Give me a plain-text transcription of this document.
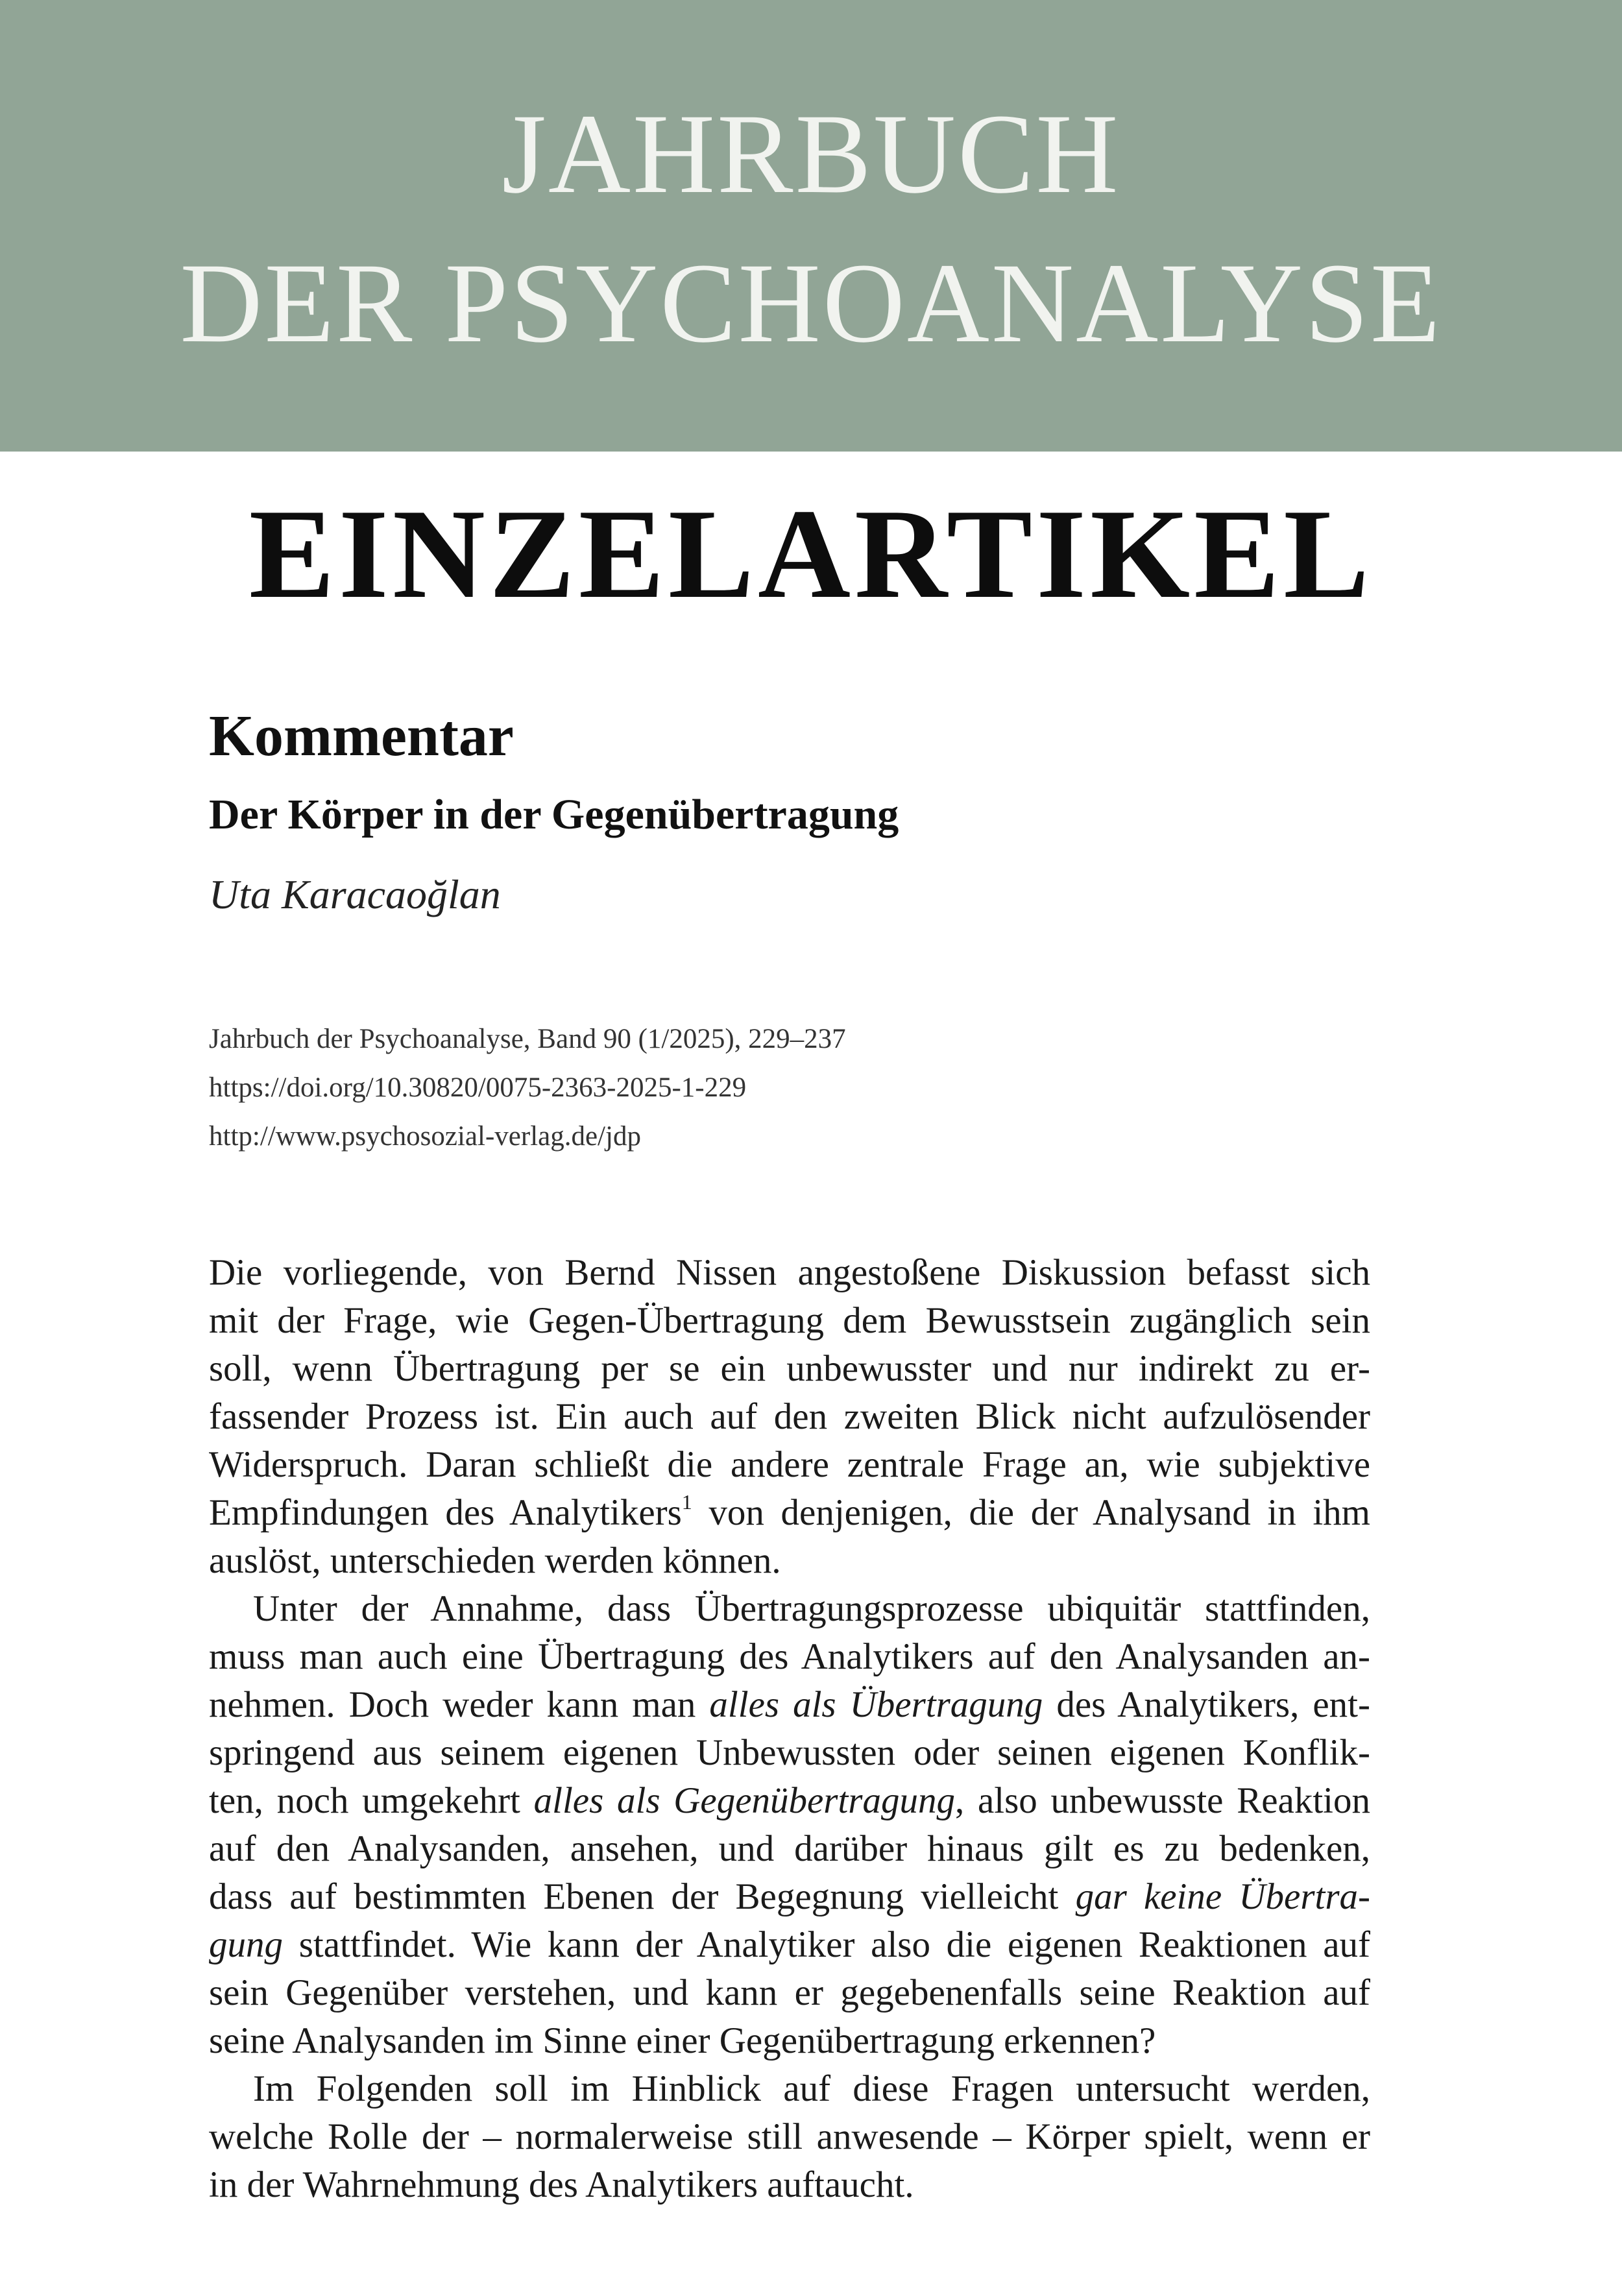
JAHRBUCH
DER PSYCHOANALYSE
EINZELARTIKEL
Kommentar
Der Körper in der Gegenübertragung
Uta Karacaoğlan
Jahrbuch der Psychoanalyse, Band 90 (1/2025), 229–237
https://doi.org/10.30820/0075-2363-2025-1-229
http://www.psychosozial-verlag.de/jdp
Die vorliegende, von Bernd Nissen angestoßene Diskussion befasst sich
mit der Frage, wie Gegen-Übertragung dem Bewusstsein zugänglich sein
soll, wenn Übertragung per se ein unbewusster und nur indirekt zu er-
fassender Prozess ist. Ein auch auf den zweiten Blick nicht aufzulösender
Widerspruch. Daran schließt die andere zentrale Frage an, wie subjektive
Empfindungen des Analytikers$^1$ von denjenigen, die der Analysand in ihm
auslöst, unterschieden werden können.
Unter der Annahme, dass Übertragungsprozesse ubiquitär stattfinden,
muss man auch eine Übertragung des Analytikers auf den Analysanden an-
nehmen. Doch weder kann man alles als Übertragung des Analytikers, ent-
springend aus seinem eigenen Unbewussten oder seinen eigenen Konflik-
ten, noch umgekehrt alles als Gegenübertragung, also unbewusste Reaktion
auf den Analysanden, ansehen, und darüber hinaus gilt es zu bedenken,
dass auf bestimmten Ebenen der Begegnung vielleicht gar keine Übertra-
gung stattfindet. Wie kann der Analytiker also die eigenen Reaktionen auf
sein Gegenüber verstehen, und kann er gegebenenfalls seine Reaktion auf
seine Analysanden im Sinne einer Gegenübertragung erkennen?
Im Folgenden soll im Hinblick auf diese Fragen untersucht werden,
welche Rolle der – normalerweise still anwesende – Körper spielt, wenn er
in der Wahrnehmung des Analytikers auftaucht.
